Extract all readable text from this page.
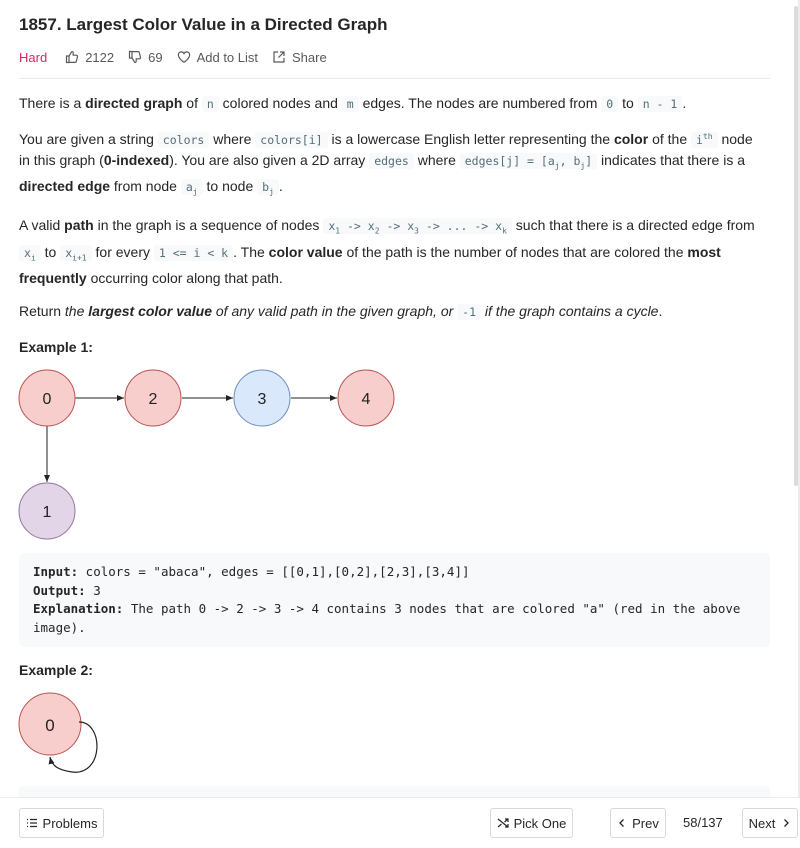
1857. Largest Color Value in a Directed Graph
Hard	2122	69	Add to List	Share

There is a directed graph of n colored nodes and m edges. The nodes are numbered from 0 to n - 1 .

You are given a string colors where colors[i] is a lowercase English letter representing the color of the $i^{th}$ node in this graph (0-indexed). You are also given a 2D array edges where edges[j] = [$a_j$, $b_j$] indicates that there is a directed edge from node $a_j$ to node $b_j$ .

A valid path in the graph is a sequence of nodes $x_1 -> x_2 -> x_3$ -> ... -> $x_k$ such that there is a directed edge from $x_i$ to $x_{i+1}$ for every 1 <= i < k . The color value of the path is the number of nodes that are colored the most frequently occurring color along that path.

Return the largest color value of any valid path in the given graph, or -1 if the graph contains a cycle.

Example 1:
0	2	3	4
1
0
Input: colors = "abaca", edges = [[0,1],[0,2],[2,3],[3,4]]
Output: 3
Explanation: The path 0 -> 2 -> 3 -> 4 contains 3 nodes that are colored "a" (red in the above image).
Example 2:
Problems	Pick One	Prev 58/137 Next
